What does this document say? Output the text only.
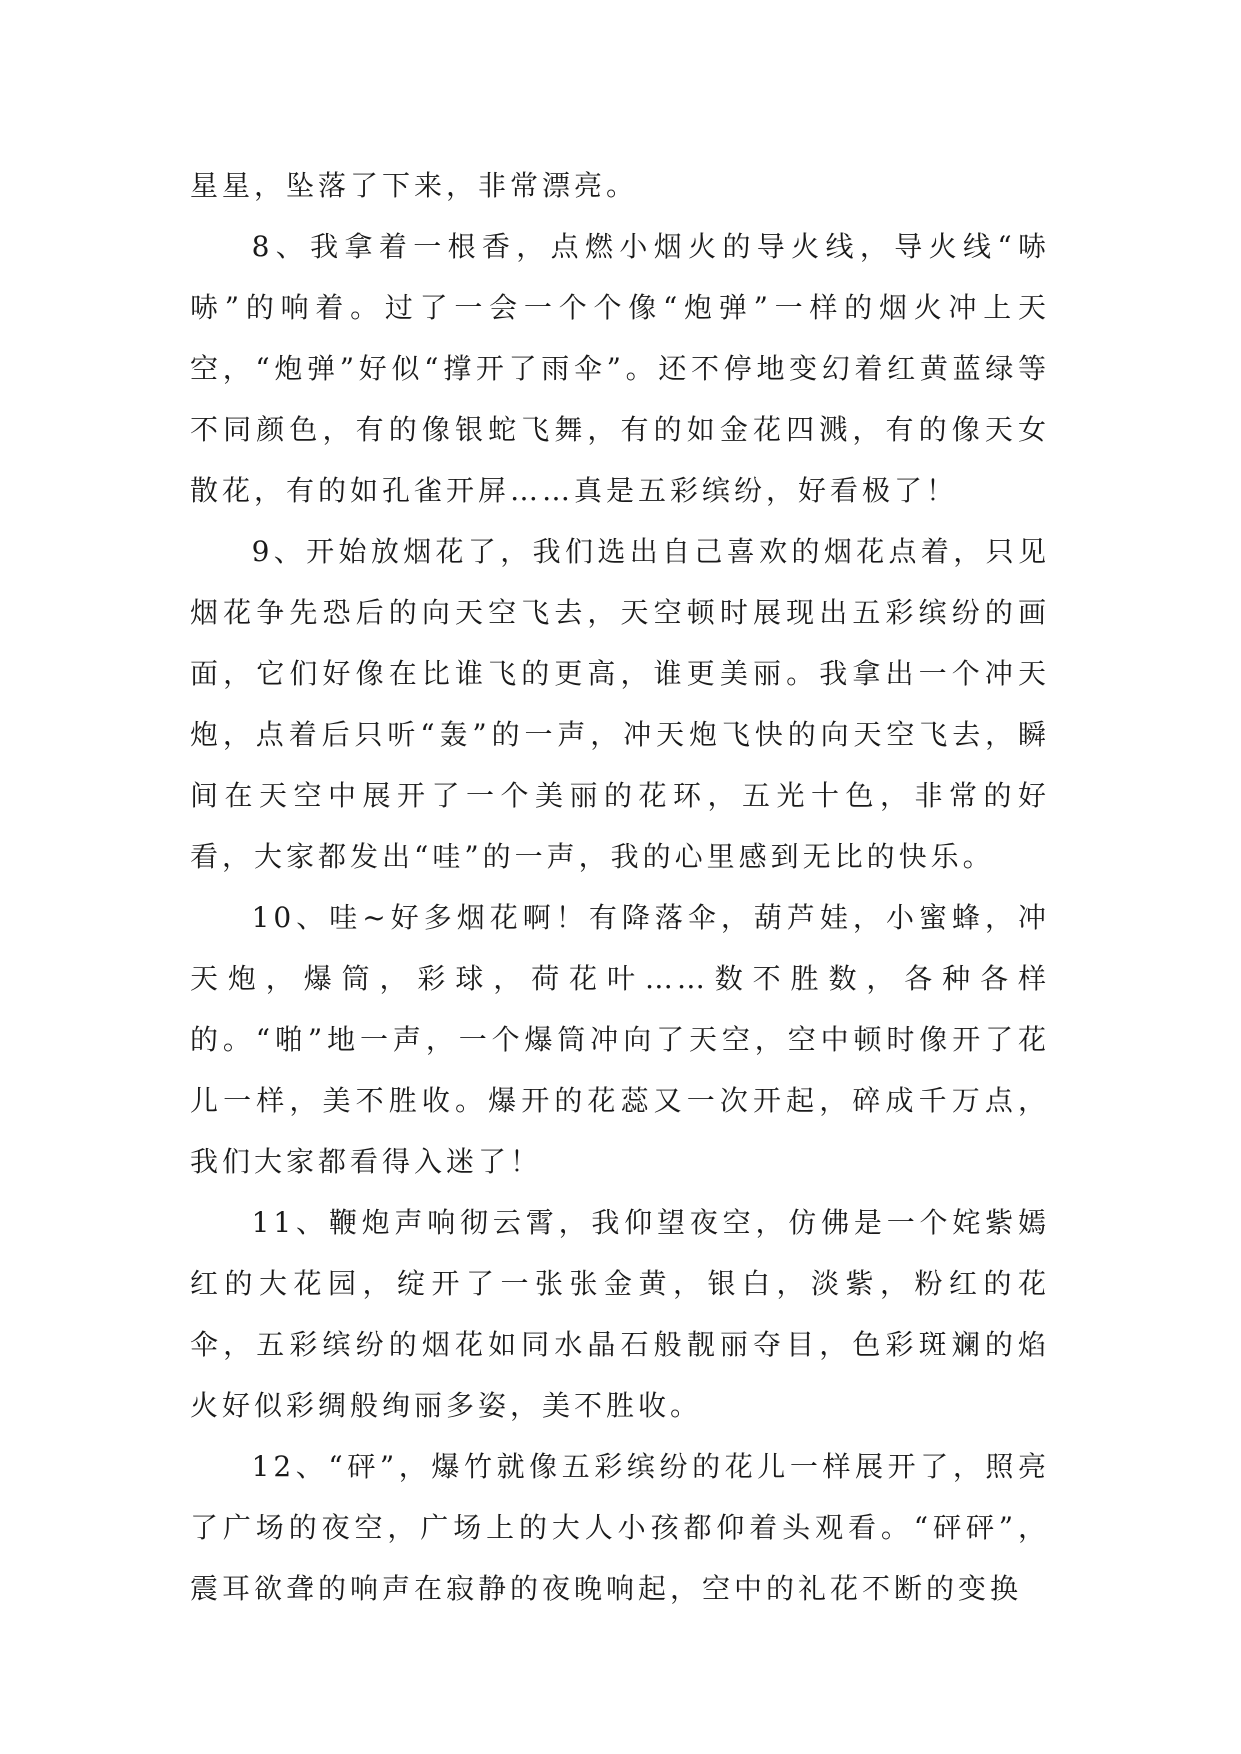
星星，坠落了下来，非常漂亮。

8、我拿着一根香，点燃小烟火的导火线，导火线“哧哧”的响着。过了一会一个个像“炮弹”一样的烟火冲上天空，“炮弹”好似“撑开了雨伞”。还不停地变幻着红黄蓝绿等不同颜色，有的像银蛇飞舞，有的如金花四溅，有的像天女散花，有的如孔雀开屏……真是五彩缤纷，好看极了！

9、开始放烟花了，我们选出自己喜欢的烟花点着，只见烟花争先恐后的向天空飞去，天空顿时展现出五彩缤纷的画面，它们好像在比谁飞的更高，谁更美丽。我拿出一个冲天炮，点着后只听“轰”的一声，冲天炮飞快的向天空飞去，瞬间在天空中展开了一个美丽的花环，五光十色，非常的好看，大家都发出“哇”的一声，我的心里感到无比的快乐。

10、哇~好多烟花啊！有降落伞，葫芦娃，小蜜蜂，冲天炮，爆筒，彩球，荷花叶……数不胜数，各种各样的。“啪”地一声，一个爆筒冲向了天空，空中顿时像开了花儿一样，美不胜收。爆开的花蕊又一次开起，碎成千万点，我们大家都看得入迷了！

11、鞭炮声响彻云霄，我仰望夜空，仿佛是一个姹紫嫣红的大花园，绽开了一张张金黄，银白，淡紫，粉红的花伞，五彩缤纷的烟花如同水晶石般靓丽夺目，色彩斑斓的焰火好似彩绸般绚丽多姿，美不胜收。

12、“砰”，爆竹就像五彩缤纷的花儿一样展开了，照亮了广场的夜空，广场上的大人小孩都仰着头观看。“砰砰”，震耳欲聋的响声在寂静的夜晚响起，空中的礼花不断的变换
